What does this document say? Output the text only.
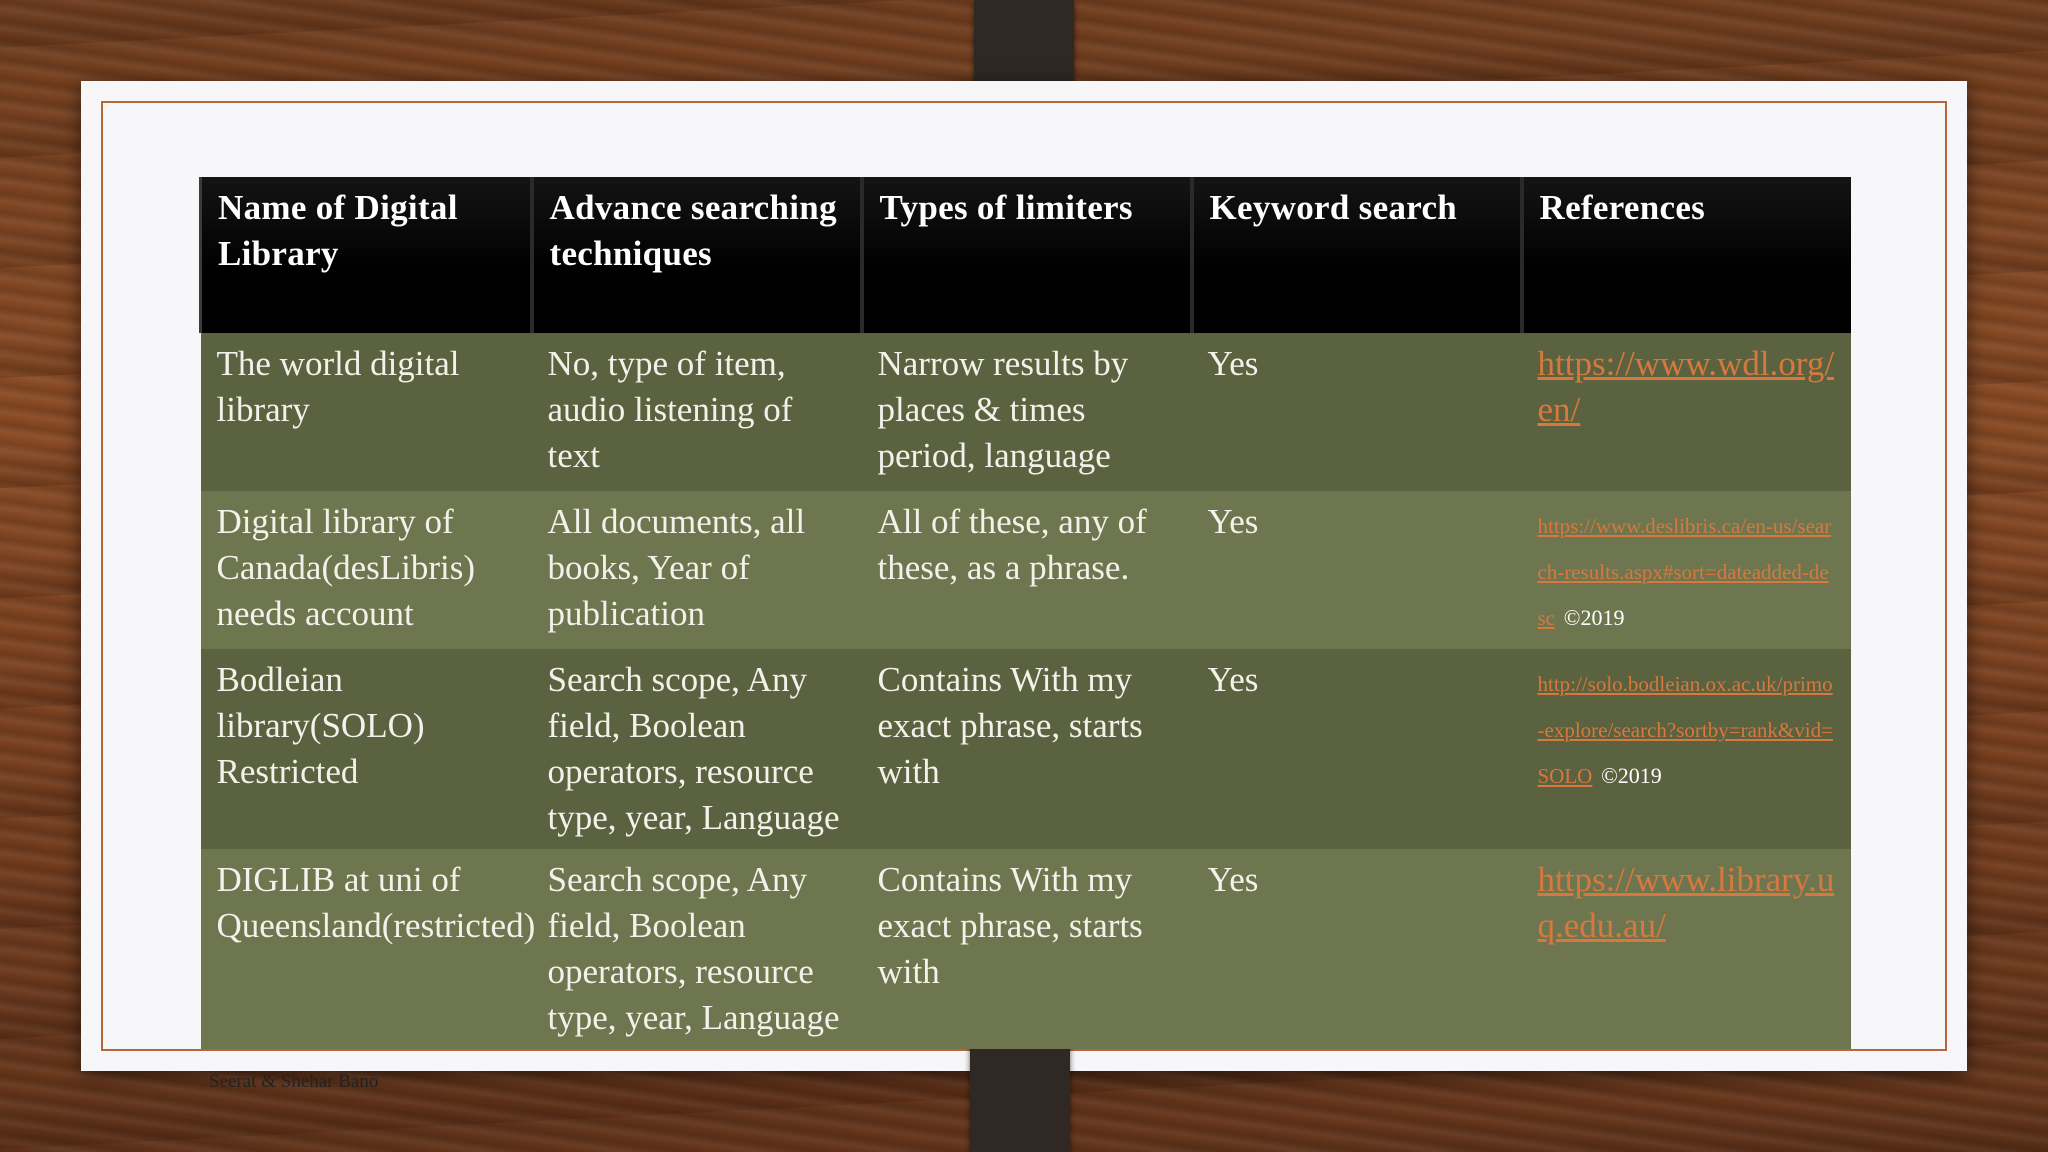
Seerat & Shehar Bano
Name of Digital Library	Advance searching techniques	Types of limiters	Keyword search	References
The world digital library	No, type of item, audio listening of text	Narrow results by places & times period, language	Yes	https://www.wdl.org/en/
Digital library of Canada(desLibris) needs account	All documents, all books, Year of publication	All of these, any of these, as a phrase.	Yes	https://www.deslibris.ca/en-us/search-results.aspx#sort=dateadded-desc ©2019
Bodleian library(SOLO) Restricted	Search scope, Any field, Boolean operators, resource type, year, Language	Contains With my exact phrase, starts with	Yes	http://solo.bodleian.ox.ac.uk/primo-explore/search?sortby=rank&vid=SOLO ©2019
DIGLIB at uni of Queensland(restricted)	Search scope, Any field, Boolean operators, resource type, year, Language	Contains With my exact phrase, starts with	Yes	https://www.library.uq.edu.au/
